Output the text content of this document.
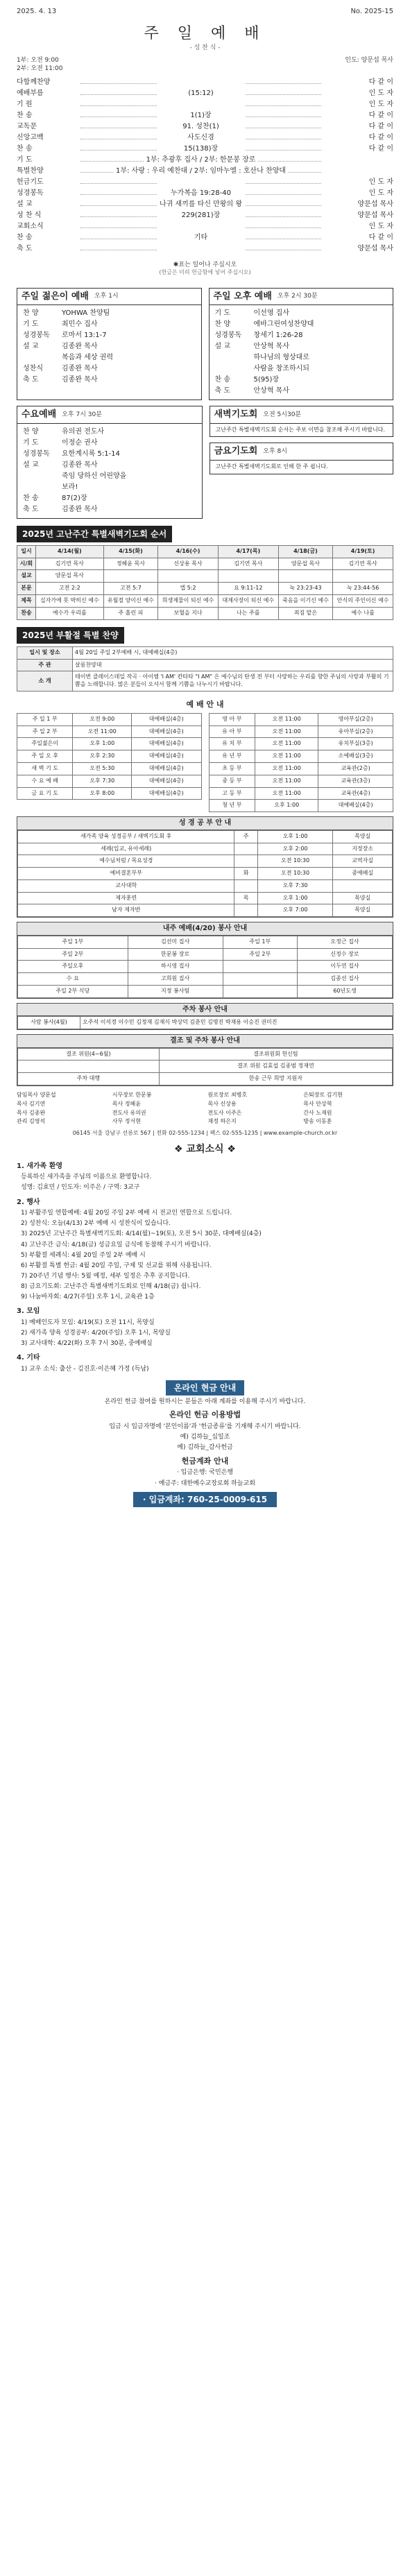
2025. 4. 13	No. 2025-15
주 일 예 배
- 성 찬 식 -
1부: 오전 9:00
2부: 오전 11:00
인도: 양문섭 목사
다함께찬양	다 같 이
예배부름	(15:12)	인 도 자
기 원	인 도 자
찬 송	1(1)장	다 같 이
교독문	91. 성찬(1)	다 같 이
신앙고백	사도신경	다 같 이
찬 송	15(138)장	다 같 이
기 도	1부: 추광후 집사 / 2부: 한문봉 장로
특별찬양	1부: 사랑 : 우리 예찬대 / 2부: 임마누엘 : 호산나 찬양대
헌금기도	인 도 자
성경봉독	누가복음 19:28-40	인 도 자
설 교	나귀 새끼를 타신 만왕의 왕	양문섭 목사
성 찬 식	229(281)장	양문섭 목사
교회소식	인 도 자
찬 송	기타	다 같 이
축 도	양문섭 목사
✱표는 일어나 주십시오
(헌금은 미리 헌금함에 넣어 주십시오)
주일 젊은이 예배 오후 1시
찬 양	YOHWA 찬양팀
기 도	최민수 집사
성경봉독	로마서 13:1-7
설 교	김종완 목사
복음과 세상 권력
성찬식	김종완 목사
축 도	김종완 목사
주일 오후 예배 오후 2시 30분
기 도	이선영 집사
찬 양	에바그린여성찬양대
성경봉독	창세기 1:26-28
설 교	안상혁 목사
하나님의 형상대로
사람을 창조하시되
찬 송	5(95)장
축 도	안상혁 목사
수요예배 오후 7시 30분
찬 양	유의권 전도사
기 도	이정순 권사
성경봉독	요한계시록 5:1-14
설 교	김종완 목사
죽임 당하신 어린양을
보라!
찬 송	87(2)장
축 도	김종완 목사
새벽기도회 오전 5시30분
고난주간 특별새벽기도회 순서는 주보 이면을 참조해 주시기 바랍니다.
금요기도회 오후 8시
고난주간 특별새벽기도회로 인해 한 주 쉽니다.
2025년 고난주간 특별새벽기도회 순서
일시	4/14(월)	4/15(화)	4/16(수)	4/17(목)	4/18(금)	4/19(토)
시/회	김기연 목사	정혜윤 목사	신상용 목사	김기연 목사	양문섭 목사	김기연 목사
설교	양문섭 목사					
본문	고전 2:2	고전 5:7	엡 5:2	요 9:11-12	눅 23:23-43	눅 23:44-56
제목	십자가에 못 박히신 예수	유월절 양이신 예수	희생제물이 되신 예수	대제사장이 되신 예수	죽음을 이기신 예수	안식의 주인이신 예수
찬송	예수가 우리를	주 흘린 피	보혈을 지나	나는 주를	죄짐 맡은	예수 나를
2025년 부활절 특별 찬양
일시 및 장소	4월 20일 주일 2부예배 시, 대예배실(4층)
주 관	살롬찬양대
소 개	테이번 클레이스데일 작곡 · 아이엠 'I AM' 칸타타 "I AM" 은 예수님의 탄생 전 부터 사랑하는 우리를 향한 주님의 사랑과 부활의 기쁨을 노래합니다. 많은 분들이 오셔서 함께 기쁨을 나누시기 바랍니다.
예 배 안 내
주 일 1 부	오전 9:00	대예배실(4층)
주 일 2 부	오전 11:00	대예배실(4층)
주일젊은이	오후 1:00	대예배실(4층)
주 일 오 후	오후 2:30	대예배실(4층)
새 벽 기 도	오전 5:30	대예배실(4층)
수 요 예 배	오후 7:30	대예배실(4층)
금 요 기 도	오후 8:00	대예배실(4층)
영 아 부	오전 11:00	영아부실(2층)
유 아 부	오전 11:00	유아부실(2층)
유 치 부	오전 11:00	유치부실(3층)
유 년 부	오전 11:00	소예배실(3층)
초 등 부	오전 11:00	교육관(2층)
중 등 부	오전 11:00	교육관(3층)
고 등 부	오전 11:00	교육관(4층)
청 년 부	오후 1:00	대예배실(4층)
성 경 공 부 안 내
새가족 양육 성경공부 / 새벽기도회 후	주	오후 1:00	목양실
세례(입교, 유아세례)		오후 2:00	지정장소
예수님처럼 / 목요성경		오전 10:30	교역자실
예비결혼부부	화	오전 10:30	중예배실
교사대학		오후 7:30	
제자훈련	목	오후 1:00	목양실
남자 제자반		오후 7:00	목양실
내주 예배(4/20) 봉사 안내
주일 1부	김선미 집사	주일 1부	오정근 집사
주일 2부	한문봉 장로	주일 2부	신정수 장로
주일오후	하시영 집사		이두연 집사
수 요	고희원 집사		김종선 집사
주일 2부 식당	지정 봉사팀		60년도생
주차 봉사 안내
사람 봉사(4월)	오주석 이석경 이수민 김정재 김재식 박상덕 김춘민 김명진 박재용 이승진 권미진
결조 및 주차 봉사 안내
결조 위원(4~6월)	결조위원회 헌신팀
	결조 위원 김효섭 김종범 정재연
주차 대행	한송 근무 희망 지원자
담임목사 양문섭	시무장로 한문봉	원로장로 최병호	은퇴장로 김기현
목사 김기연	목사 정혜윤	목사 신상용	목사 안상혁
목사 김종완	전도사 유의권	전도사 이주은	간사 노재원
관리 김영석	사무 정서현	재정 하은지	방송 이동훈
06145 서울 강남구 선릉로 567 | 전화 02-555-1234 | 팩스 02-555-1235 | www.example-church.or.kr
❖ 교회소식 ❖
1. 새가족 환영
등록하신 새가족을 주님의 이름으로 환영합니다.
성명: 김효민 / 인도자: 이주은 / 구역: 3교구
2. 행사
1) 부활주일 연합예배: 4월 20일 주일 2부 예배 시 전교인 연합으로 드립니다.
2) 성찬식: 오늘(4/13) 2부 예배 시 성찬식이 있습니다.
3) 2025년 고난주간 특별새벽기도회: 4/14(월)~19(토), 오전 5시 30분, 대예배실(4층)
4) 고난주간 금식: 4/18(금) 성금요일 금식에 동참해 주시기 바랍니다.
5) 부활절 세례식: 4월 20일 주일 2부 예배 시
6) 부활절 특별 헌금: 4월 20일 주일, 구제 및 선교를 위해 사용됩니다.
7) 20주년 기념 행사: 5월 예정, 세부 일정은 추후 공지합니다.
8) 금요기도회: 고난주간 특별새벽기도회로 인해 4/18(금) 쉽니다.
9) 나눔바자회: 4/27(주일) 오후 1시, 교육관 1층
3. 모임
1) 예배인도자 모임: 4/19(토) 오전 11시, 목양실
2) 새가족 양육 성경공부: 4/20(주일) 오후 1시, 목양실
3) 교사대학: 4/22(화) 오후 7시 30분, 중예배실
4. 기타
1) 교우 소식: 출산 - 김진호·이은혜 가정 (득남)
온라인 현금 안내
온라인 헌금 참여를 원하시는 분들은 아래 계좌를 이용해 주시기 바랍니다.
온라인 헌금 이용방법
입금 시 입금자명에 '본인이름'과 '헌금종류'를 기재해 주시기 바랍니다.
예) 김하늘_십일조
예) 김하늘_감사헌금
헌금계좌 안내
· 입금은행: 국민은행
· 예금주: 대한예수교장로회 하늘교회
· 입금계좌: 760-25-0009-615
